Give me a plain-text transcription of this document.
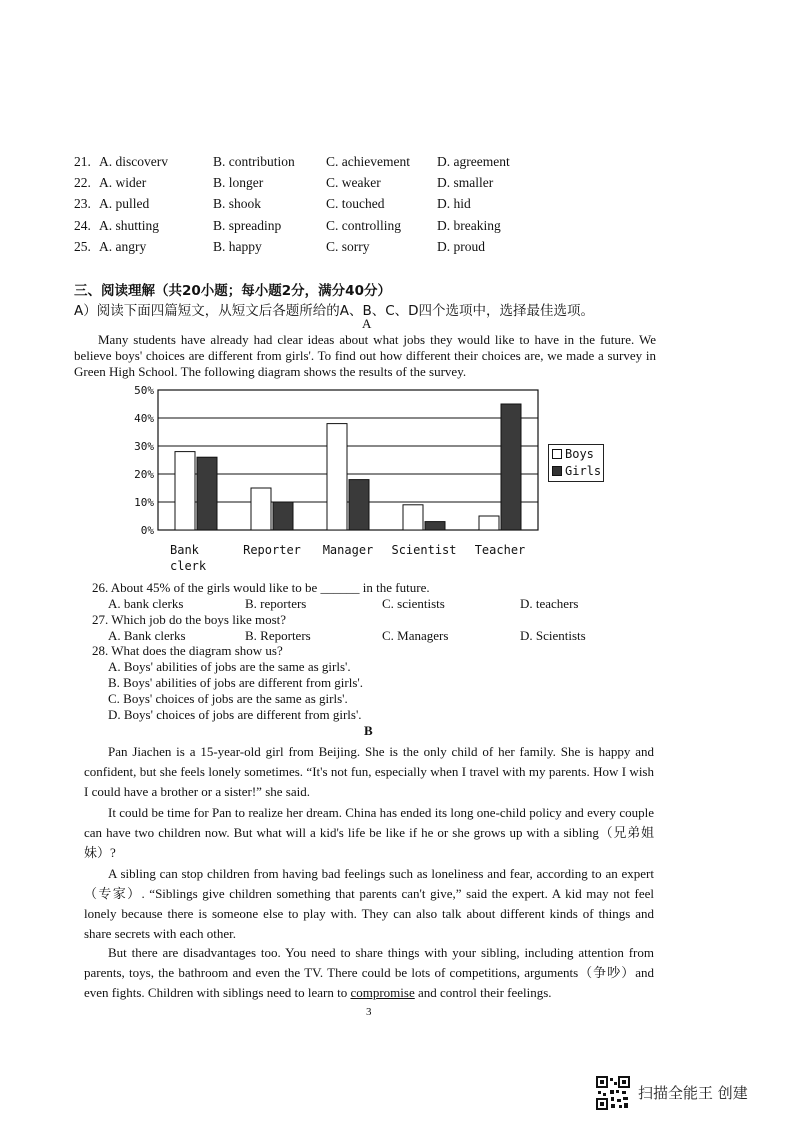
21. A. discoverv	B. contribution C. achievement D. agreement
22. A. wider	B. longer	C. weaker	D. smaller
23. A. pulled	B. shook	C. touched	D. hid
24. A. shutting	B. spreadinp	C. controlling	D. breaking
25. A. angry	B. happy	C. sorry	D. proud
三、阅读理解（共20小题；每小题2分，满分40分）
A）阅读下面四篇短文，从短文后各题所给的A、B、C、D四个选项中，选择最佳选项。
A
Many students have already had clear ideas about what jobs they would like to have in the future. We believe boys' choices are different from girls'. To find out how different their choices are, we made a survey in Green High School. The following diagram shows the results of the survey.
0%
10%
20%
30%
40%
50%
Bank
clerk
Reporter Manager Scientist Teacher
Boys
Girls
26. About 45% of the girls would like to be ______ in the future.
A. bank clerks	B. reporters	C. scientists	D. teachers
27. Which job do the boys like most?
A. Bank clerks	B. Reporters	C. Managers	D. Scientists
28. What does the diagram show us?
A. Boys' abilities of jobs are the same as girls'.
B. Boys' abilities of jobs are different from girls'.
C. Boys' choices of jobs are the same as girls'.
D. Boys' choices of jobs are different from girls'.
B
Pan Jiachen is a 15-year-old girl from Beijing. She is the only child of her family. She is happy and confident, but she feels lonely sometimes. “It's not fun, especially when I travel with my parents. How I wish I could have a brother or a sister!” she said.
It could be time for Pan to realize her dream. China has ended its long one-child policy and every couple can have two children now. But what will a kid's life be like if he or she grows up with a sibling（兄弟姐妹）?
A sibling can stop children from having bad feelings such as loneliness and fear, according to an expert（专家）. “Siblings give children something that parents can't give,” said the expert. A kid may not feel lonely because there is someone else to play with. They can also talk about different kinds of things and share secrets with each other.
But there are disadvantages too. You need to share things with your sibling, including attention from parents, toys, the bathroom and even the TV. There could be lots of competitions, arguments（争吵）and even fights. Children with siblings need to learn to compromise and control their feelings.
3
扫描全能王 创建
